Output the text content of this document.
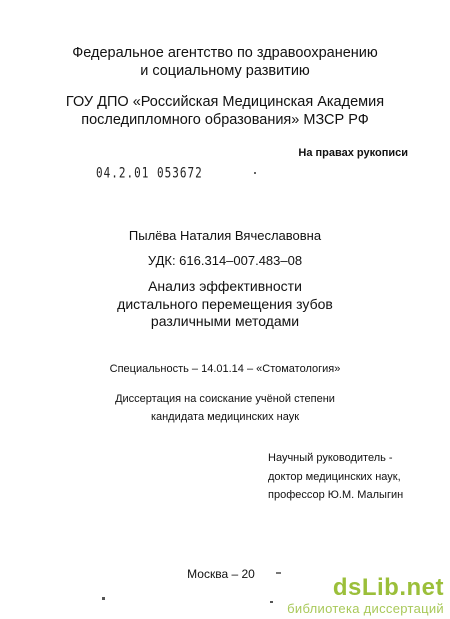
Федеральное агентство по здравоохранению
и социальному развитию
ГОУ ДПО «Российская Медицинская Академия
последипломного образования» МЗСР РФ
На правах рукописи
04.2.01 053672
Пылёва Наталия Вячеславовна
УДК: 616.314–007.483–08
Анализ эффективности
дистального перемещения зубов
различными методами
Специальность – 14.01.14 – «Стоматология»
Диссертация на соискание учёной степени
кандидата медицинских наук
Научный руководитель -
доктор медицинских наук,
профессор Ю.М. Малыгин
Москва – 20	dsLib.net
библиотека диссертаций
